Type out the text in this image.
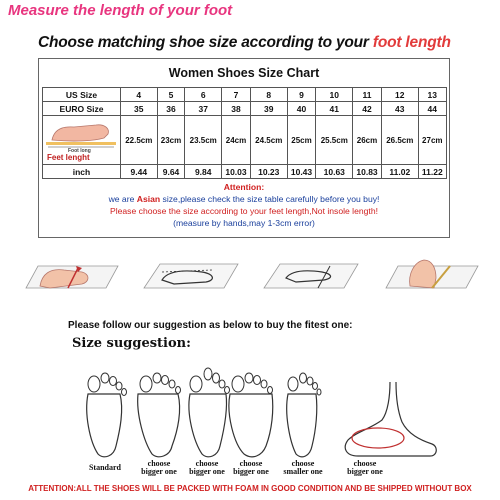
Measure the length of your foot
Choose matching shoe size according to your foot length
Women Shoes Size Chart
US Size	4	5	6	7	8	9	10	11	12	13
EURO Size	35	36	37	38	39	40	41	42	43	44

Foot long
Feet lenght	22.5cm	23cm	23.5cm	24cm	24.5cm	25cm	25.5cm	26cm	26.5cm	27cm
inch	9.44	9.64	9.84	10.03	10.23	10.43	10.63	10.83	11.02	11.22
Attention:
we are Asian size,please check the size table carefully before you buy!
Please choose the size according to your feet length,Not insole length!
(measure by hands,may 1-3cm error)
Please follow our suggestion as below to buy the fitest one:
Size suggestion:
Standard	choose
bigger one
choose
bigger one
choose
bigger one
choose
smaller one
choose
bigger one
ATTENTION:ALL THE SHOES WILL BE PACKED WITH FOAM IN GOOD CONDITION AND BE SHIPPED WITHOUT BOX
